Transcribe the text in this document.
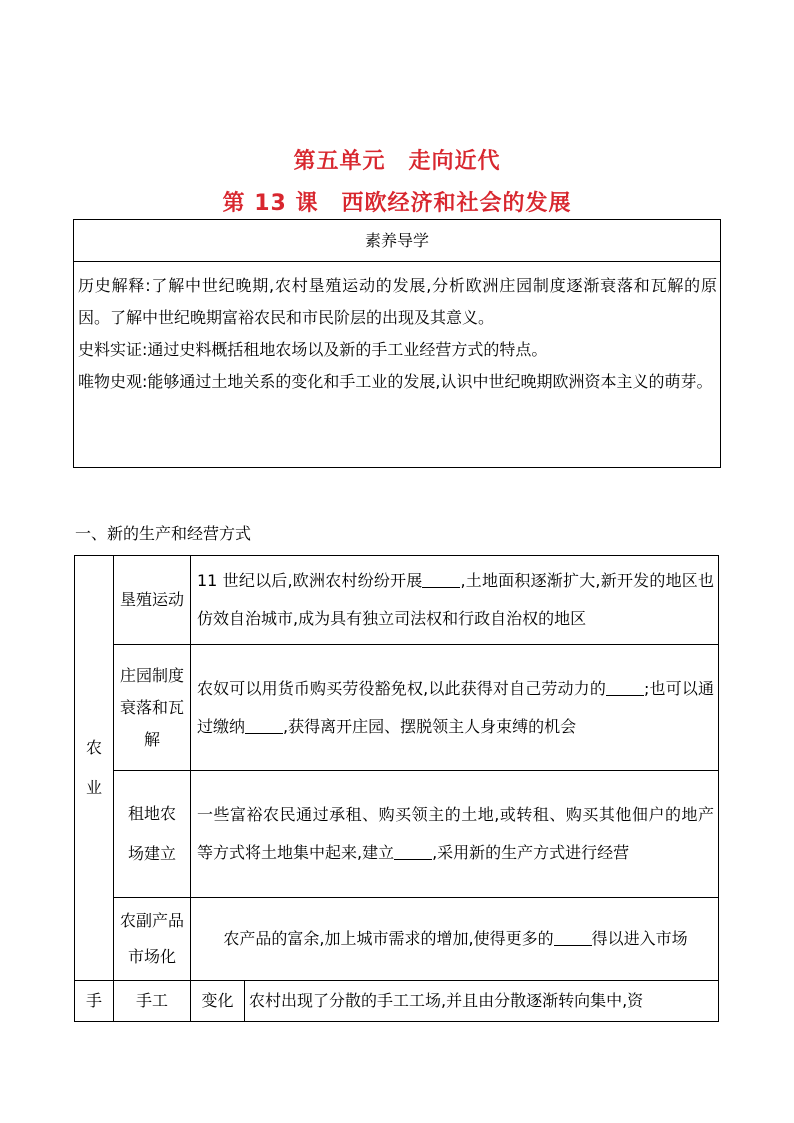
第五单元　走向近代
第 13 课　西欧经济和社会的发展
素养导学

历史解释:了解中世纪晚期,农村垦殖运动的发展,分析欧洲庄园制度逐渐衰落和瓦解的原因。了解中世纪晚期富裕农民和市民阶层的出现及其意义。

史料实证:通过史料概括租地农场以及新的手工业经营方式的特点。

唯物史观:能够通过土地关系的变化和手工业的发展,认识中世纪晚期欧洲资本主义的萌芽。

一、新的生产和经营方式
农业	垦殖运动	11 世纪以后,欧洲农村纷纷开展 ,土地面积逐渐扩大,新开发的地区也仿效自治城市,成为具有独立司法权和行政自治权的地区	
	庄园制度衰落和瓦解	农奴可以用货币购买劳役豁免权,以此获得对自己劳动力的 ;也可以通过缴纳 ,获得离开庄园、摆脱领主人身束缚的机会	
	租地农场建立	一些富裕农民通过承租、购买领主的土地,或转租、购买其他佃户的地产等方式将土地集中起来,建立 ,采用新的生产方式进行经营	
	农副产品市场化	农产品的富余,加上城市需求的增加,使得更多的 得以进入市场	
手	手工	变化	农村出现了分散的手工工场,并且由分散逐渐转向集中,资
